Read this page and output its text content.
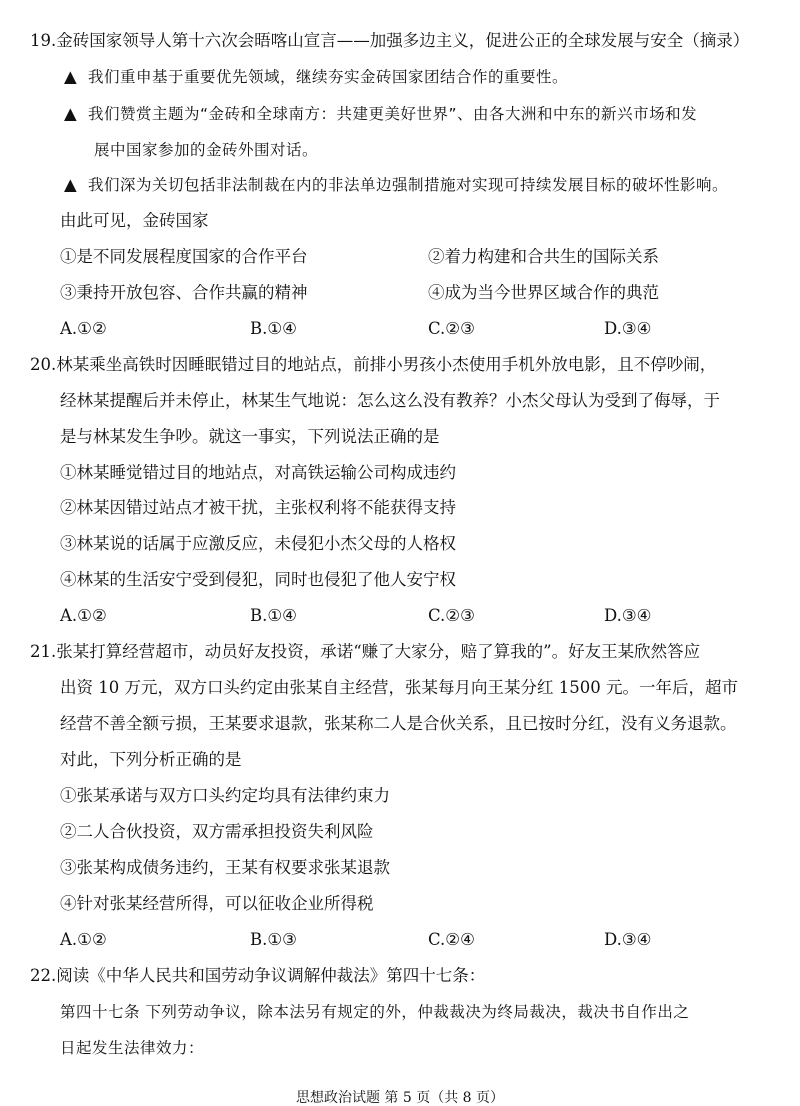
19.金砖国家领导人第十六次会晤喀山宣言——加强多边主义，促进公正的全球发展与安全（摘录）
▲ 我们重申基于重要优先领域，继续夯实金砖国家团结合作的重要性。
▲ 我们赞赏主题为“金砖和全球南方：共建更美好世界”、由各大洲和中东的新兴市场和发
展中国家参加的金砖外围对话。
▲ 我们深为关切包括非法制裁在内的非法单边强制措施对实现可持续发展目标的破坏性影响。
由此可见，金砖国家
①是不同发展程度国家的合作平台	②着力构建和合共生的国际关系
③秉持开放包容、合作共赢的精神	④成为当今世界区域合作的典范
A.①②	B.①④	C.②③	D.③④
20.林某乘坐高铁时因睡眠错过目的地站点，前排小男孩小杰使用手机外放电影，且不停吵闹，
经林某提醒后并未停止，林某生气地说：怎么这么没有教养？小杰父母认为受到了侮辱，于
是与林某发生争吵。就这一事实，下列说法正确的是
①林某睡觉错过目的地站点，对高铁运输公司构成违约
②林某因错过站点才被干扰，主张权利将不能获得支持
③林某说的话属于应激反应，未侵犯小杰父母的人格权
④林某的生活安宁受到侵犯，同时也侵犯了他人安宁权
A.①②	B.①④	C.②③	D.③④
21.张某打算经营超市，动员好友投资，承诺“赚了大家分，赔了算我的”。好友王某欣然答应
出资 10 万元，双方口头约定由张某自主经营，张某每月向王某分红 1500 元。一年后，超市
经营不善全额亏损，王某要求退款，张某称二人是合伙关系，且已按时分红，没有义务退款。
对此，下列分析正确的是
①张某承诺与双方口头约定均具有法律约束力
②二人合伙投资，双方需承担投资失利风险
③张某构成债务违约，王某有权要求张某退款
④针对张某经营所得，可以征收企业所得税
A.①②	B.①③	C.②④	D.③④
22.阅读《中华人民共和国劳动争议调解仲裁法》第四十七条：
第四十七条 下列劳动争议，除本法另有规定的外，仲裁裁决为终局裁决，裁决书自作出之
日起发生法律效力：
思想政治试题 第 5 页（共 8 页）
